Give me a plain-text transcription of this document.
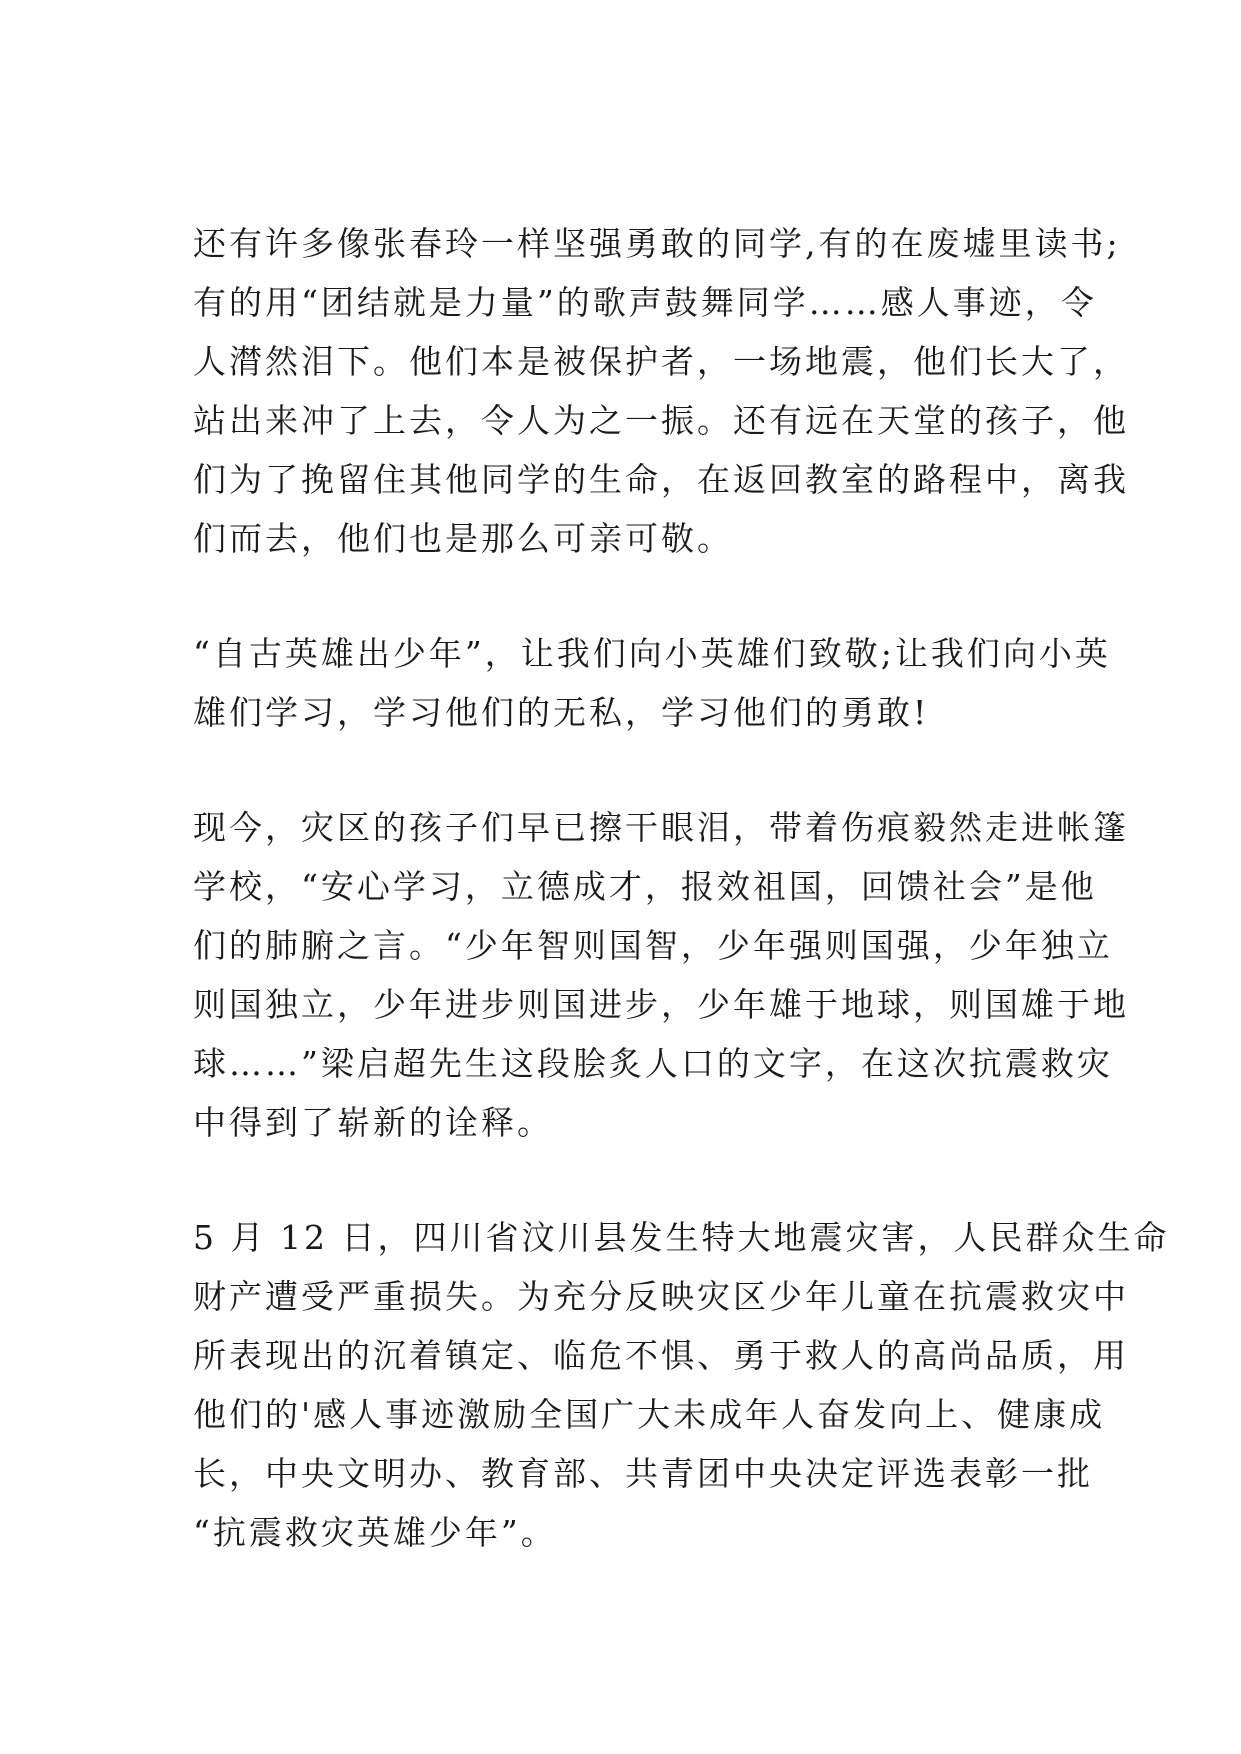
还有许多像张春玲一样坚强勇敢的同学,有的在废墟里读书;
有的用“团结就是力量”的歌声鼓舞同学……感人事迹，令
人潸然泪下。他们本是被保护者，一场地震，他们长大了，
站出来冲了上去，令人为之一振。还有远在天堂的孩子，他
们为了挽留住其他同学的生命，在返回教室的路程中，离我
们而去，他们也是那么可亲可敬。
“自古英雄出少年”，让我们向小英雄们致敬;让我们向小英
雄们学习，学习他们的无私，学习他们的勇敢!
现今，灾区的孩子们早已擦干眼泪，带着伤痕毅然走进帐篷
学校，“安心学习，立德成才，报效祖国，回馈社会”是他
们的肺腑之言。“少年智则国智，少年强则国强，少年独立
则国独立，少年进步则国进步，少年雄于地球，则国雄于地
球……”梁启超先生这段脍炙人口的文字，在这次抗震救灾
中得到了崭新的诠释。
5 月 12 日，四川省汶川县发生特大地震灾害，人民群众生命
财产遭受严重损失。为充分反映灾区少年儿童在抗震救灾中
所表现出的沉着镇定、临危不惧、勇于救人的高尚品质，用
他们的'感人事迹激励全国广大未成年人奋发向上、健康成
长，中央文明办、教育部、共青团中央决定评选表彰一批
“抗震救灾英雄少年”。
